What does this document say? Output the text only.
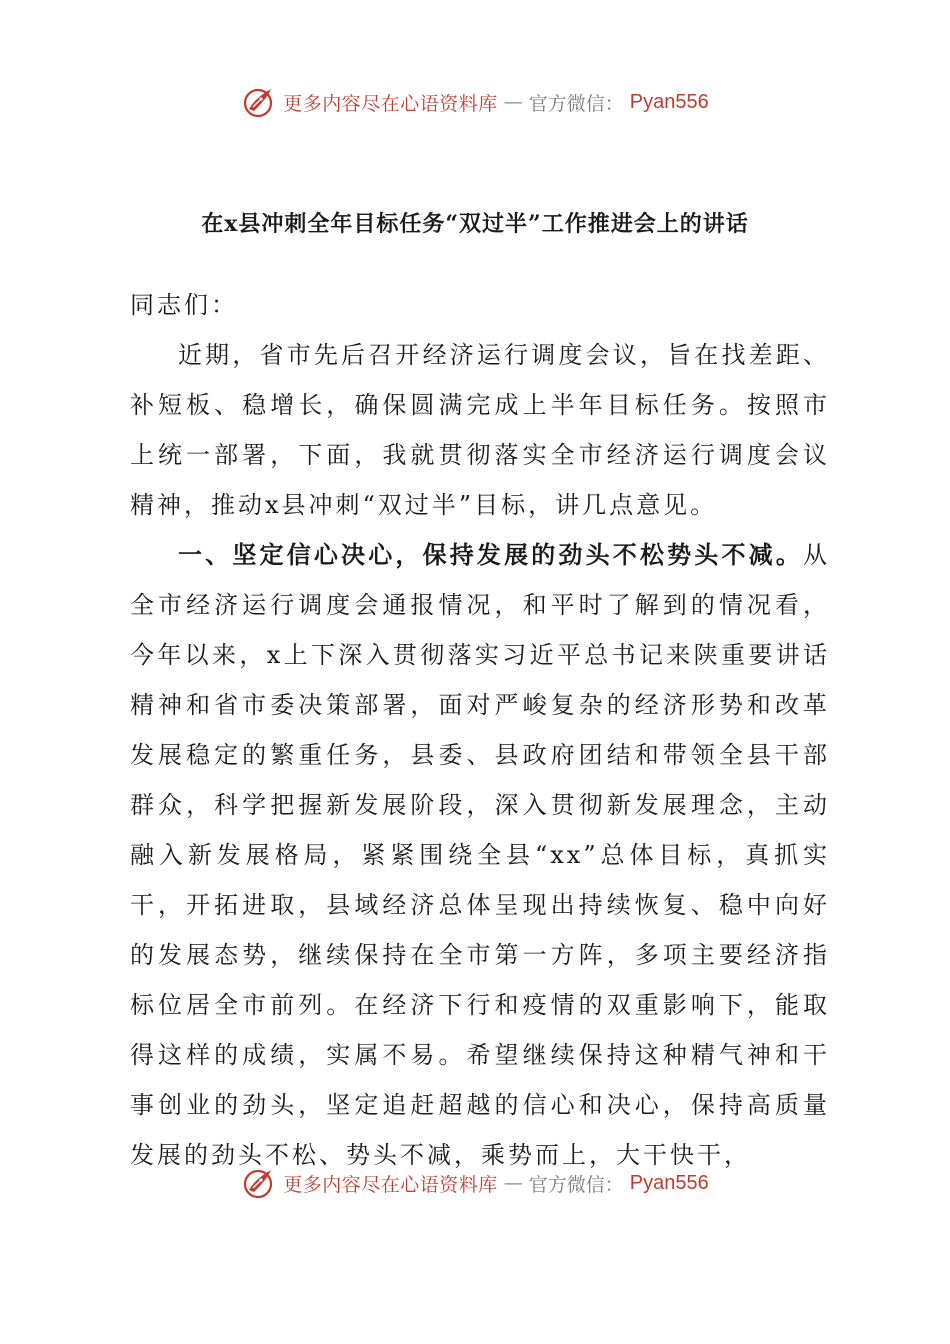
更多内容尽在心语资料库 — 官方微信： Pyan556
在x县冲刺全年目标任务“双过半”工作推进会上的讲话

同志们：

近期，省市先后召开经济运行调度会议，旨在找差距、补短板、稳增长，确保圆满完成上半年目标任务。按照市上统一部署，下面，我就贯彻落实全市经济运行调度会议精神，推动x县冲刺“双过半”目标，讲几点意见。

一、坚定信心决心，保持发展的劲头不松势头不减。从全市经济运行调度会通报情况，和平时了解到的情况看，今年以来，x上下深入贯彻落实习近平总书记来陕重要讲话精神和省市委决策部署，面对严峻复杂的经济形势和改革发展稳定的繁重任务，县委、县政府团结和带领全县干部群众，科学把握新发展阶段，深入贯彻新发展理念，主动融入新发展格局，紧紧围绕全县“xx”总体目标，真抓实干，开拓进取，县域经济总体呈现出持续恢复、稳中向好的发展态势，继续保持在全市第一方阵，多项主要经济指标位居全市前列。在经济下行和疫情的双重影响下，能取得这样的成绩，实属不易。希望继续保持这种精气神和干事创业的劲头，坚定追赶超越的信心和决心，保持高质量发展的劲头不松、势头不减，乘势而上，大干快干，

更多内容尽在心语资料库 — 官方微信： Pyan556
